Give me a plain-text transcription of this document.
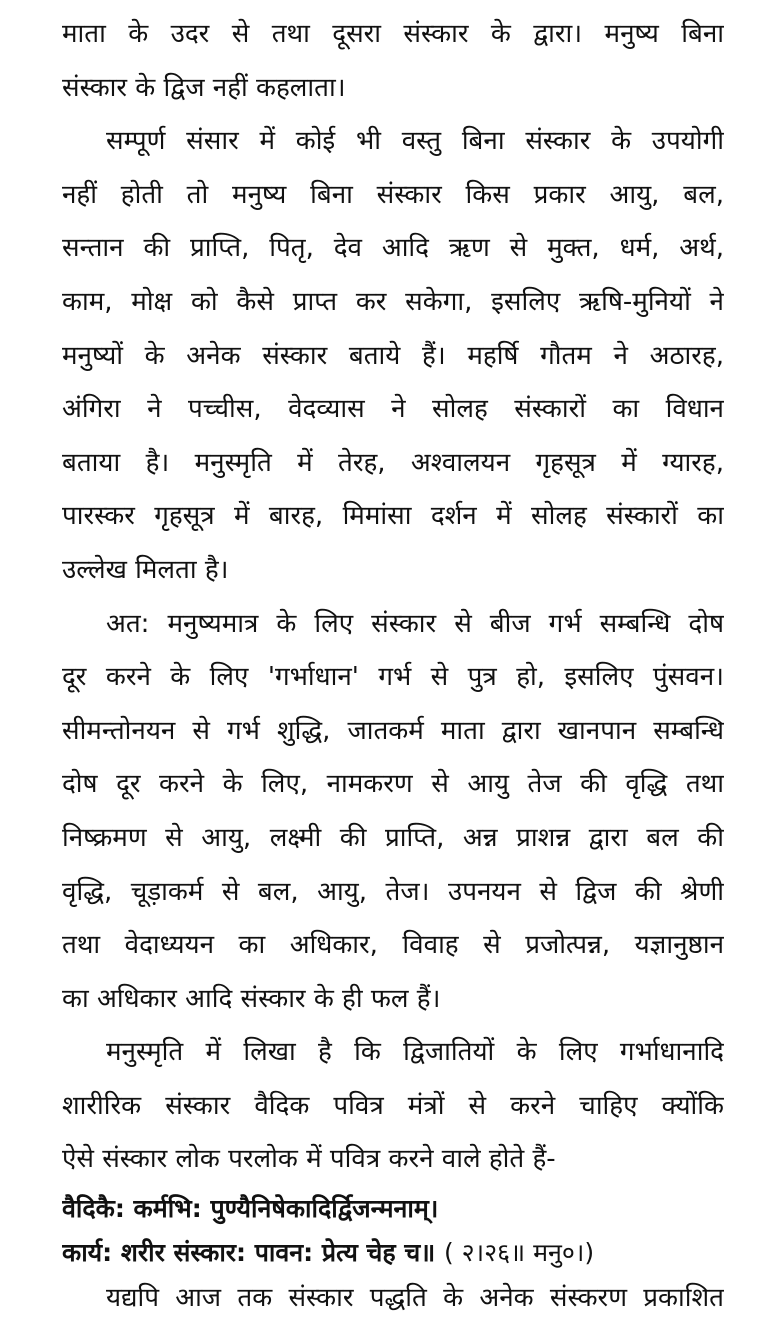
माता के उदर से तथा दूसरा संस्कार के द्वारा। मनुष्य बिना
संस्कार के द्विज नहीं कहलाता।
सम्पूर्ण संसार में कोई भी वस्तु बिना संस्कार के उपयोगी
नहीं होती तो मनुष्य बिना संस्कार किस प्रकार आयु, बल,
सन्तान की प्राप्ति, पितृ, देव आदि ऋण से मुक्त, धर्म, अर्थ,
काम, मोक्ष को कैसे प्राप्त कर सकेगा, इसलिए ऋषि-मुनियों ने
मनुष्यों के अनेक संस्कार बताये हैं। महर्षि गौतम ने अठारह,
अंगिरा ने पच्चीस, वेदव्यास ने सोलह संस्कारों का विधान
बताया है। मनुस्मृति में तेरह, अश्वालयन गृहसूत्र में ग्यारह,
पारस्कर गृहसूत्र में बारह, मिमांसा दर्शन में सोलह संस्कारों का
उल्लेख मिलता है।
अत: मनुष्यमात्र के लिए संस्कार से बीज गर्भ सम्बन्धि दोष
दूर करने के लिए 'गर्भाधान' गर्भ से पुत्र हो, इसलिए पुंसवन।
सीमन्तोनयन से गर्भ शुद्धि, जातकर्म माता द्वारा खानपान सम्बन्धि
दोष दूर करने के लिए, नामकरण से आयु तेज की वृद्धि तथा
निष्क्रमण से आयु, लक्ष्मी की प्राप्ति, अन्न प्राशन्न द्वारा बल की
वृद्धि, चूड़ाकर्म से बल, आयु, तेज। उपनयन से द्विज की श्रेणी
तथा वेदाध्ययन का अधिकार, विवाह से प्रजोत्पन्न, यज्ञानुष्ठान
का अधिकार आदि संस्कार के ही फल हैं।
मनुस्मृति में लिखा है कि द्विजातियों के लिए गर्भाधानादि
शारीरिक संस्कार वैदिक पवित्र मंत्रों से करने चाहिए क्योंकि
ऐसे संस्कार लोक परलोक में पवित्र करने वाले होते हैं-
वैदिकै: कर्मभि: पुण्यैनिषेकादिर्द्विजन्मनाम्।
कार्य: शरीर संस्कार: पावन: प्रेत्य चेह च॥ ( २।२६॥ मनु०।)
यद्यपि आज तक संस्कार पद्धति के अनेक संस्करण प्रकाशित
